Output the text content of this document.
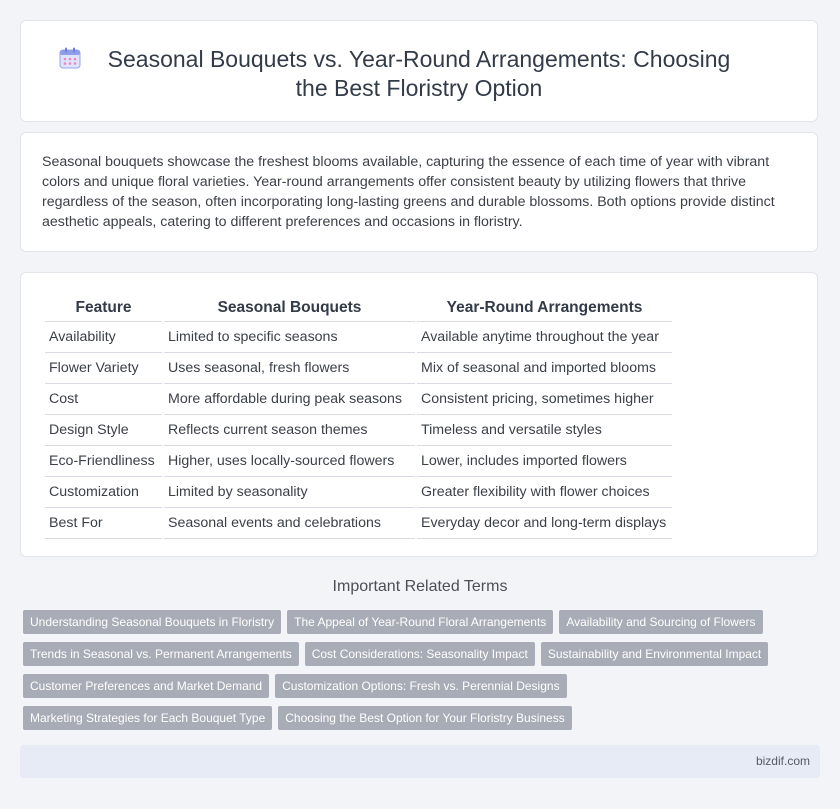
Seasonal Bouquets vs. Year-Round Arrangements: Choosing the Best Floristry Option

Seasonal bouquets showcase the freshest blooms available, capturing the essence of each time of year with vibrant colors and unique floral varieties. Year-round arrangements offer consistent beauty by utilizing flowers that thrive regardless of the season, often incorporating long-lasting greens and durable blossoms. Both options provide distinct aesthetic appeals, catering to different preferences and occasions in floristry.

Feature	Seasonal Bouquets	Year-Round Arrangements
Availability	Limited to specific seasons	Available anytime throughout the year
Flower Variety	Uses seasonal, fresh flowers	Mix of seasonal and imported blooms
Cost	More affordable during peak seasons	Consistent pricing, sometimes higher
Design Style	Reflects current season themes	Timeless and versatile styles
Eco-Friendliness	Higher, uses locally-sourced flowers	Lower, includes imported flowers
Customization	Limited by seasonality	Greater flexibility with flower choices
Best For	Seasonal events and celebrations	Everyday decor and long-term displays
Important Related Terms
Understanding Seasonal Bouquets in Floristry	The Appeal of Year-Round Floral Arrangements	Availability and Sourcing of Flowers
Trends in Seasonal vs. Permanent Arrangements	Cost Considerations: Seasonality Impact	Sustainability and Environmental Impact
Customer Preferences and Market Demand	Customization Options: Fresh vs. Perennial Designs
Marketing Strategies for Each Bouquet Type	Choosing the Best Option for Your Floristry Business
bizdif.com
